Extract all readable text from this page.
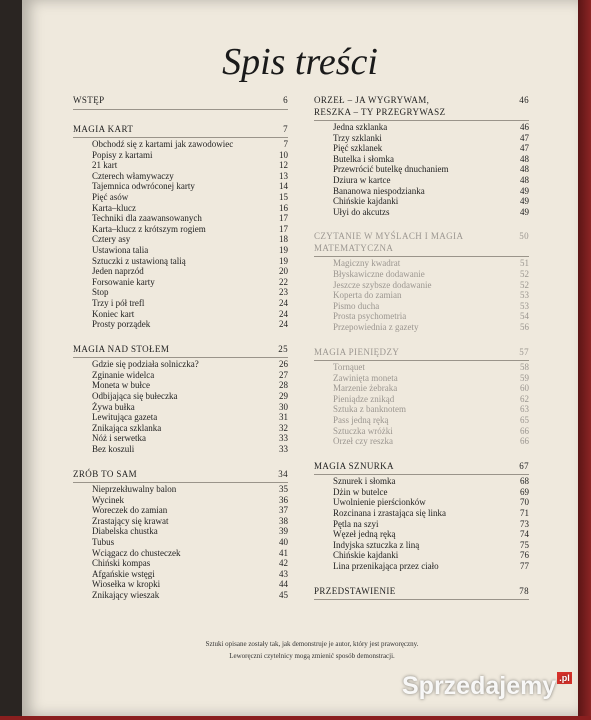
Spis treści
WSTĘP	6
MAGIA KART	7
Obchodź się z kartami jak zawodowiec	7
Popisy z kartami	10
21 kart	12
Czterech włamywaczy	13
Tajemnica odwróconej karty	14
Pięć asów	15
Karta–klucz	16
Techniki dla zaawansowanych	17
Karta–klucz z krótszym rogiem	17
Cztery asy	18
Ustawiona talia	19
Sztuczki z ustawioną talią	19
Jeden naprzód	20
Forsowanie karty	22
Stop	23
Trzy i pół trefl	24
Koniec kart	24
Prosty porządek	24
MAGIA NAD STOŁEM	25
Gdzie się podziała solniczka?	26
Zginanie widelca	27
Moneta w bułce	28
Odbijająca się bułeczka	29
Żywa bułka	30
Lewitująca gazeta	31
Znikająca szklanka	32
Nóż i serwetka	33
Bez koszuli	33
ZRÓB TO SAM	34
Nieprzekłuwalny balon	35
Wycinek	36
Woreczek do zamian	37
Zrastający się krawat	38
Diabelska chustka	39
Tubus	40
Wciągacz do chusteczek	41
Chiński kompas	42
Afgańskie wstęgi	43
Wiosełka w kropki	44
Znikający wieszak	45
ORZEŁ – JA WYGRYWAM,
RESZKA – TY PRZEGRYWASZ
46
Jedna szklanka	46
Trzy szklanki	47
Pięć szklanek	47
Butelka i słomka	48
Przewrócić butelkę dnuchaniem	48
Dziura w kartce	48
Bananowa niespodzianka	49
Chińskie kajdanki	49
Ułyi do akcutzs	49
CZYTANIE W MYŚLACH I MAGIA
MATEMATYCZNA
50
Magiczny kwadrat	51
Błyskawiczne dodawanie	52
Jeszcze szybsze dodawanie	52
Koperta do zamian	53
Pismo ducha	53
Prosta psychometria	54
Przepowiednia z gazety	56
MAGIA PIENIĘDZY	57
Tornąuet	58
Zawinięta moneta	59
Marzenie żebraka	60
Pieniądze znikąd	62
Sztuka z banknotem	63
Pass jedną ręką	65
Sztuczka wróżki	66
Orzeł czy reszka	66
MAGIA SZNURKA	67
Sznurek i słomka	68
Dżin w butelce	69
Uwolnienie pierścionków	70
Rozcinana i zrastająca się linka	71
Pętla na szyi	73
Węzeł jedną ręką	74
Indyjska sztuczka z liną	75
Chińskie kajdanki	76
Lina przenikająca przez ciało	77
PRZEDSTAWIENIE	78
Sztuki opisane zostały tak, jak demonstruje je autor, który jest praworęczny.
Leworęczni czytelnicy mogą zmienić sposób demonstracji.
Sprzedajemy .pl
